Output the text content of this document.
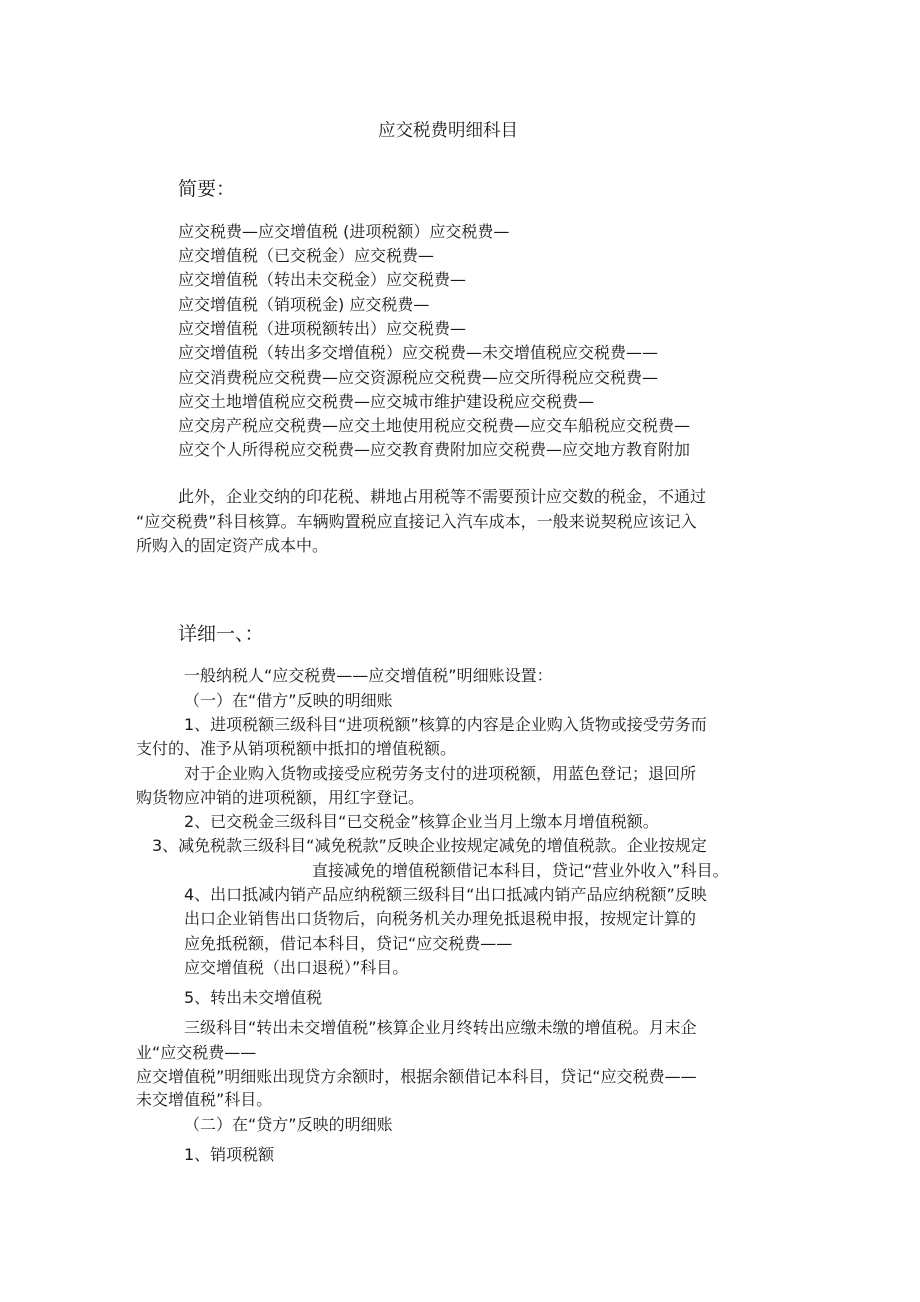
应交税费明细科目

简要：

应交税费—应交增值税 (进项税额）应交税费—

应交增值税（已交税金）应交税费—

应交增值税（转出未交税金）应交税费—

应交增值税（销项税金) 应交税费—

应交增值税（进项税额转出）应交税费—

应交增值税（转出多交增值税）应交税费—未交增值税应交税费——

应交消费税应交税费—应交资源税应交税费—应交所得税应交税费—

应交土地增值税应交税费—应交城市维护建设税应交税费—

应交房产税应交税费—应交土地使用税应交税费—应交车船税应交税费—

应交个人所得税应交税费—应交教育费附加应交税费—应交地方教育附加

此外，企业交纳的印花税、耕地占用税等不需要预计应交数的税金，不通过

“应交税费”科目核算。车辆购置税应直接记入汽车成本，一般来说契税应该记入

所购入的固定资产成本中。

详细一、：

一般纳税人“应交税费——应交增值税”明细账设置：

（一）在“借方”反映的明细账

1、进项税额三级科目“进项税额”核算的内容是企业购入货物或接受劳务而

支付的、准予从销项税额中抵扣的增值税额。

对于企业购入货物或接受应税劳务支付的进项税额，用蓝色登记；退回所

购货物应冲销的进项税额，用红字登记。

2、已交税金三级科目“已交税金”核算企业当月上缴本月增值税额。

3、减免税款三级科目“减免税款”反映企业按规定减免的增值税款。企业按规定

直接减免的增值税额借记本科目，贷记“营业外收入”科目。

4、出口抵减内销产品应纳税额三级科目“出口抵减内销产品应纳税额”反映

出口企业销售出口货物后，向税务机关办理免抵退税申报，按规定计算的

应免抵税额，借记本科目，贷记“应交税费——

应交增值税（出口退税）”科目。

5、转出未交增值税

三级科目“转出未交增值税”核算企业月终转出应缴未缴的增值税。月末企

业“应交税费——

应交增值税”明细账出现贷方余额时，根据余额借记本科目，贷记“应交税费——

未交增值税”科目。

（二）在“贷方”反映的明细账

1、销项税额
